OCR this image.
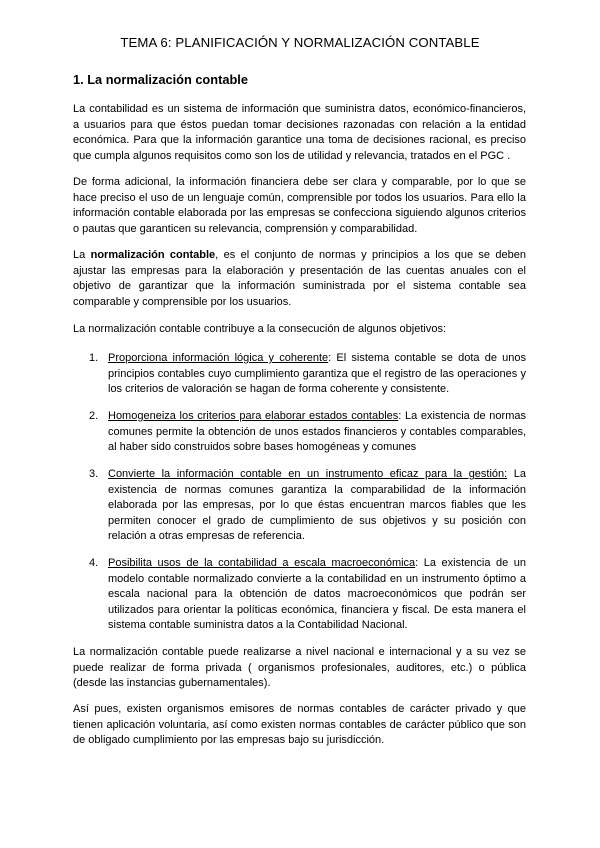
TEMA 6: PLANIFICACIÓN Y NORMALIZACIÓN CONTABLE
1. La normalización contable
La contabilidad es un sistema de información que suministra datos, económico-financieros, a usuarios para que éstos puedan tomar decisiones razonadas con relación a la entidad económica. Para que la información garantice una toma de decisiones racional, es preciso que cumpla algunos requisitos como son los de utilidad y relevancia, tratados en el PGC .
De forma adicional, la información financiera debe ser clara y comparable, por lo que se hace preciso el uso de un lenguaje común, comprensible por todos los usuarios. Para ello la información contable elaborada por las empresas se confecciona siguiendo algunos criterios o pautas que garanticen su relevancia, comprensión y comparabilidad.
La normalización contable, es el conjunto de normas y principios a los que se deben ajustar las empresas para la elaboración y presentación de las cuentas anuales con el objetivo de garantizar que la información suministrada por el sistema contable sea comparable y comprensible por los usuarios.
La normalización contable contribuye a la consecución de algunos objetivos:
1. Proporciona información lógica y coherente: El sistema contable se dota de unos principios contables cuyo cumplimiento garantiza que el registro de las operaciones y los criterios de valoración se hagan de forma coherente y consistente.
2. Homogeneiza los criterios para elaborar estados contables: La existencia de normas comunes permite la obtención de unos estados financieros y contables comparables, al haber sido construidos sobre bases homogéneas y comunes
3. Convierte la información contable en un instrumento eficaz para la gestión: La existencia de normas comunes garantiza la comparabilidad de la información elaborada por las empresas, por lo que éstas encuentran marcos fiables que les permiten conocer el grado de cumplimiento de sus objetivos y su posición con relación a otras empresas de referencia.
4. Posibilita usos de la contabilidad a escala macroeconómica: La existencia de un modelo contable normalizado convierte a la contabilidad en un instrumento óptimo a escala nacional para la obtención de datos macroeconómicos que podrán ser utilizados para orientar la políticas económica, financiera y fiscal. De esta manera el sistema contable suministra datos a la Contabilidad Nacional.
La normalización contable puede realizarse a nivel nacional e internacional y a su vez se puede realizar de forma privada ( organismos profesionales, auditores, etc.) o pública (desde las instancias gubernamentales).
Así pues, existen organismos emisores de normas contables de carácter privado y que tienen aplicación voluntaria, así como existen normas contables de carácter público que son de obligado cumplimiento por las empresas bajo su jurisdicción.
